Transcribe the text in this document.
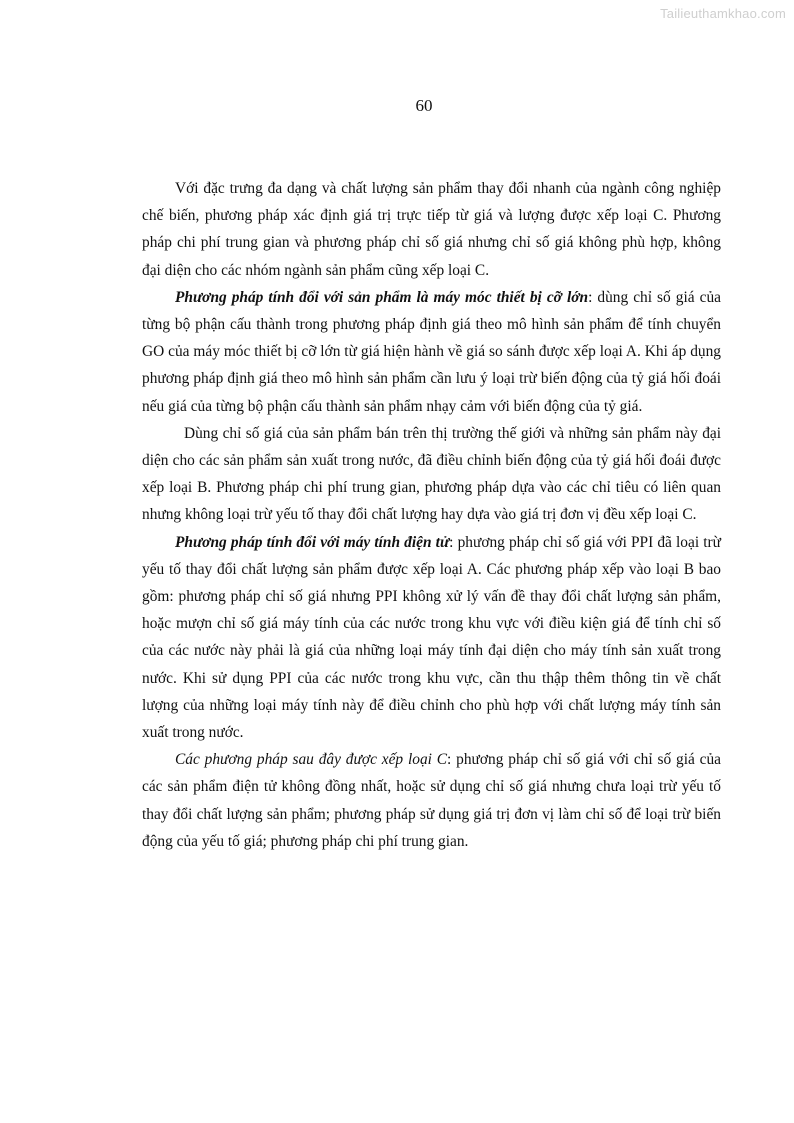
Tailieuthamkhao.com
60

Với đặc trưng đa dạng và chất lượng sản phẩm thay đổi nhanh của ngành công nghiệp chế biến, phương pháp xác định giá trị trực tiếp từ giá và lượng được xếp loại C. Phương pháp chi phí trung gian và phương pháp chỉ số giá nhưng chỉ số giá không phù hợp, không đại diện cho các nhóm ngành sản phẩm cũng xếp loại C.

Phương pháp tính đổi với sản phẩm là máy móc thiết bị cỡ lớn: dùng chỉ số giá của từng bộ phận cấu thành trong phương pháp định giá theo mô hình sản phẩm để tính chuyển GO của máy móc thiết bị cỡ lớn từ giá hiện hành về giá so sánh được xếp loại A. Khi áp dụng phương pháp định giá theo mô hình sản phẩm cần lưu ý loại trừ biến động của tỷ giá hối đoái nếu giá của từng bộ phận cấu thành sản phẩm nhạy cảm với biến động của tỷ giá.

Dùng chỉ số giá của sản phẩm bán trên thị trường thế giới và những sản phẩm này đại diện cho các sản phẩm sản xuất trong nước, đã điều chỉnh biến động của tỷ giá hối đoái được xếp loại B. Phương pháp chi phí trung gian, phương pháp dựa vào các chỉ tiêu có liên quan nhưng không loại trừ yếu tố thay đổi chất lượng hay dựa vào giá trị đơn vị đều xếp loại C.

Phương pháp tính đổi với máy tính điện tử: phương pháp chỉ số giá với PPI đã loại trừ yếu tố thay đổi chất lượng sản phẩm được xếp loại A. Các phương pháp xếp vào loại B bao gồm: phương pháp chỉ số giá nhưng PPI không xử lý vấn đề thay đổi chất lượng sản phẩm, hoặc mượn chỉ số giá máy tính của các nước trong khu vực với điều kiện giá để tính chỉ số của các nước này phải là giá của những loại máy tính đại diện cho máy tính sản xuất trong nước. Khi sử dụng PPI của các nước trong khu vực, cần thu thập thêm thông tin về chất lượng của những loại máy tính này để điều chỉnh cho phù hợp với chất lượng máy tính sản xuất trong nước.

Các phương pháp sau đây được xếp loại C: phương pháp chỉ số giá với chỉ số giá của các sản phẩm điện tử không đồng nhất, hoặc sử dụng chỉ số giá nhưng chưa loại trừ yếu tố thay đổi chất lượng sản phẩm; phương pháp sử dụng giá trị đơn vị làm chỉ số để loại trừ biến động của yếu tố giá; phương pháp chi phí trung gian.
